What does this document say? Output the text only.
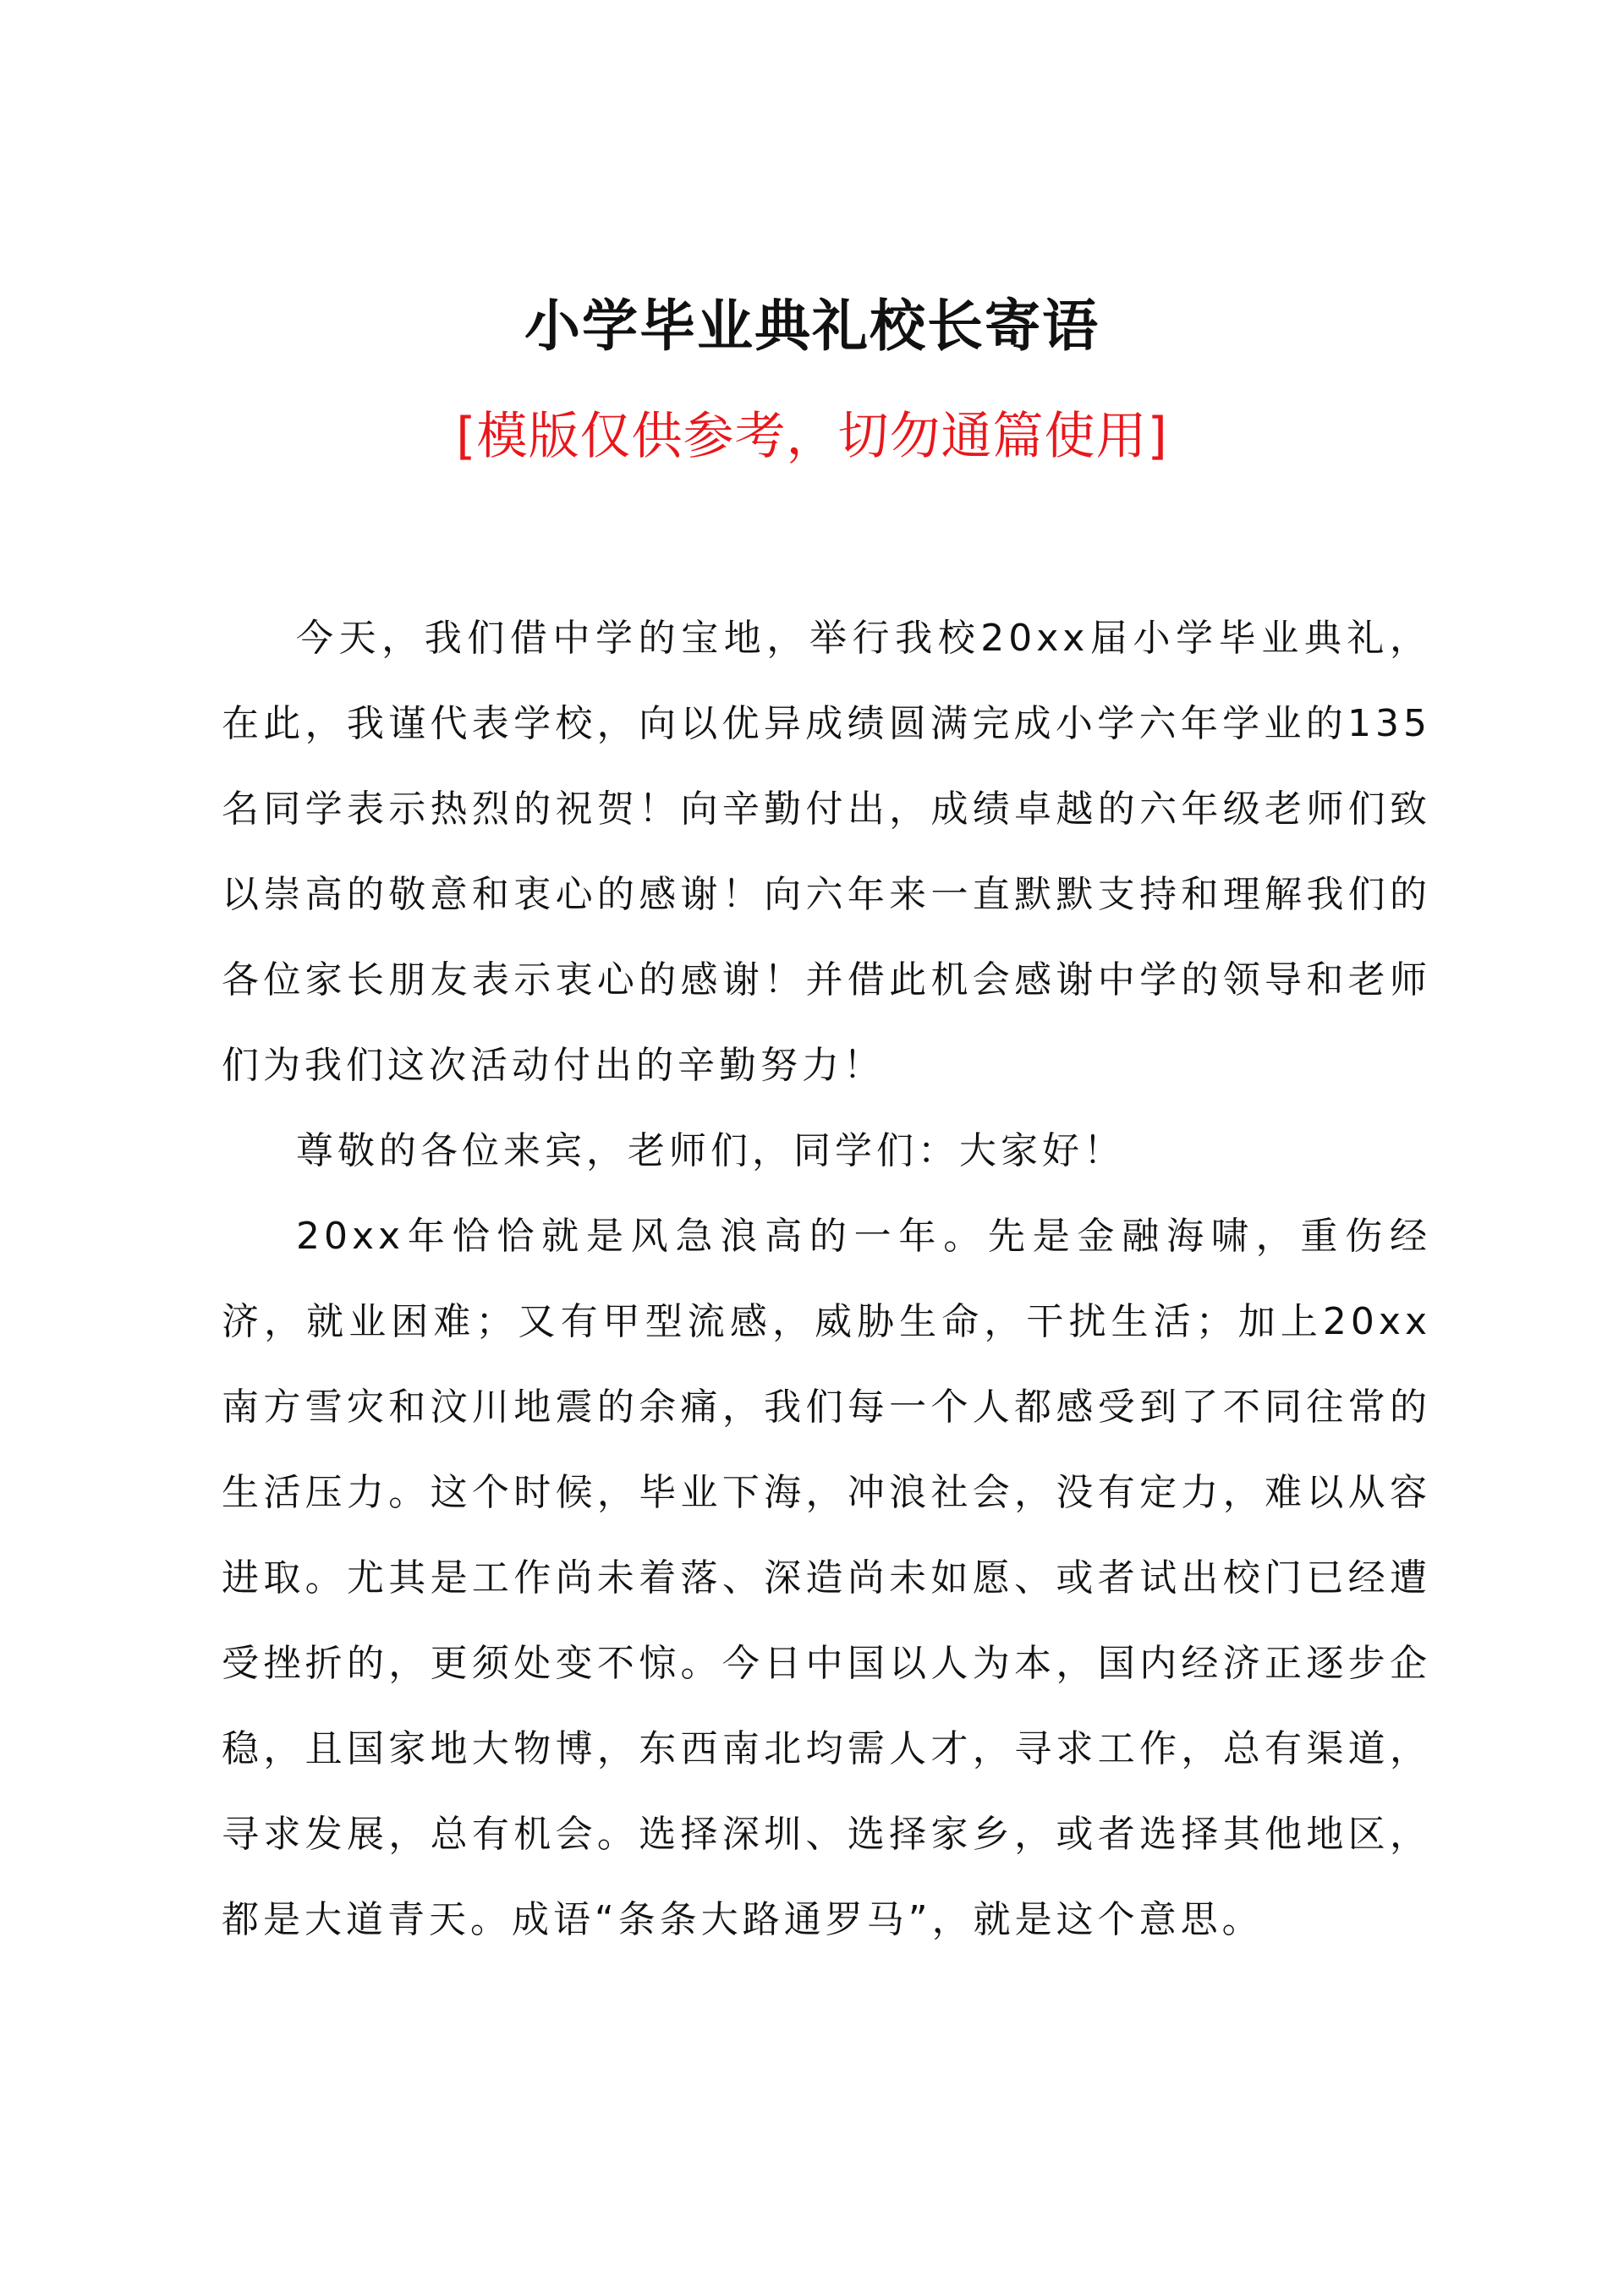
小学毕业典礼校长寄语
[模版仅供参考，切勿通篇使用]

今天，我们借中学的宝地，举行我校20xx届小学毕业典礼，在此，我谨代表学校，向以优异成绩圆满完成小学六年学业的135名同学表示热烈的祝贺！向辛勤付出，成绩卓越的六年级老师们致以崇高的敬意和衷心的感谢！向六年来一直默默支持和理解我们的各位家长朋友表示衷心的感谢！并借此机会感谢中学的领导和老师们为我们这次活动付出的辛勤努力！

尊敬的各位来宾，老师们，同学们：大家好！

20xx年恰恰就是风急浪高的一年。先是金融海啸，重伤经济，就业困难；又有甲型流感，威胁生命，干扰生活；加上20xx南方雪灾和汶川地震的余痛，我们每一个人都感受到了不同往常的生活压力。这个时候，毕业下海，冲浪社会，没有定力，难以从容进取。尤其是工作尚未着落、深造尚未如愿、或者试出校门已经遭受挫折的，更须处变不惊。今日中国以人为本，国内经济正逐步企稳，且国家地大物博，东西南北均需人才，寻求工作，总有渠道，寻求发展，总有机会。选择深圳、选择家乡，或者选择其他地区，都是大道青天。成语“条条大路通罗马”，就是这个意思。
